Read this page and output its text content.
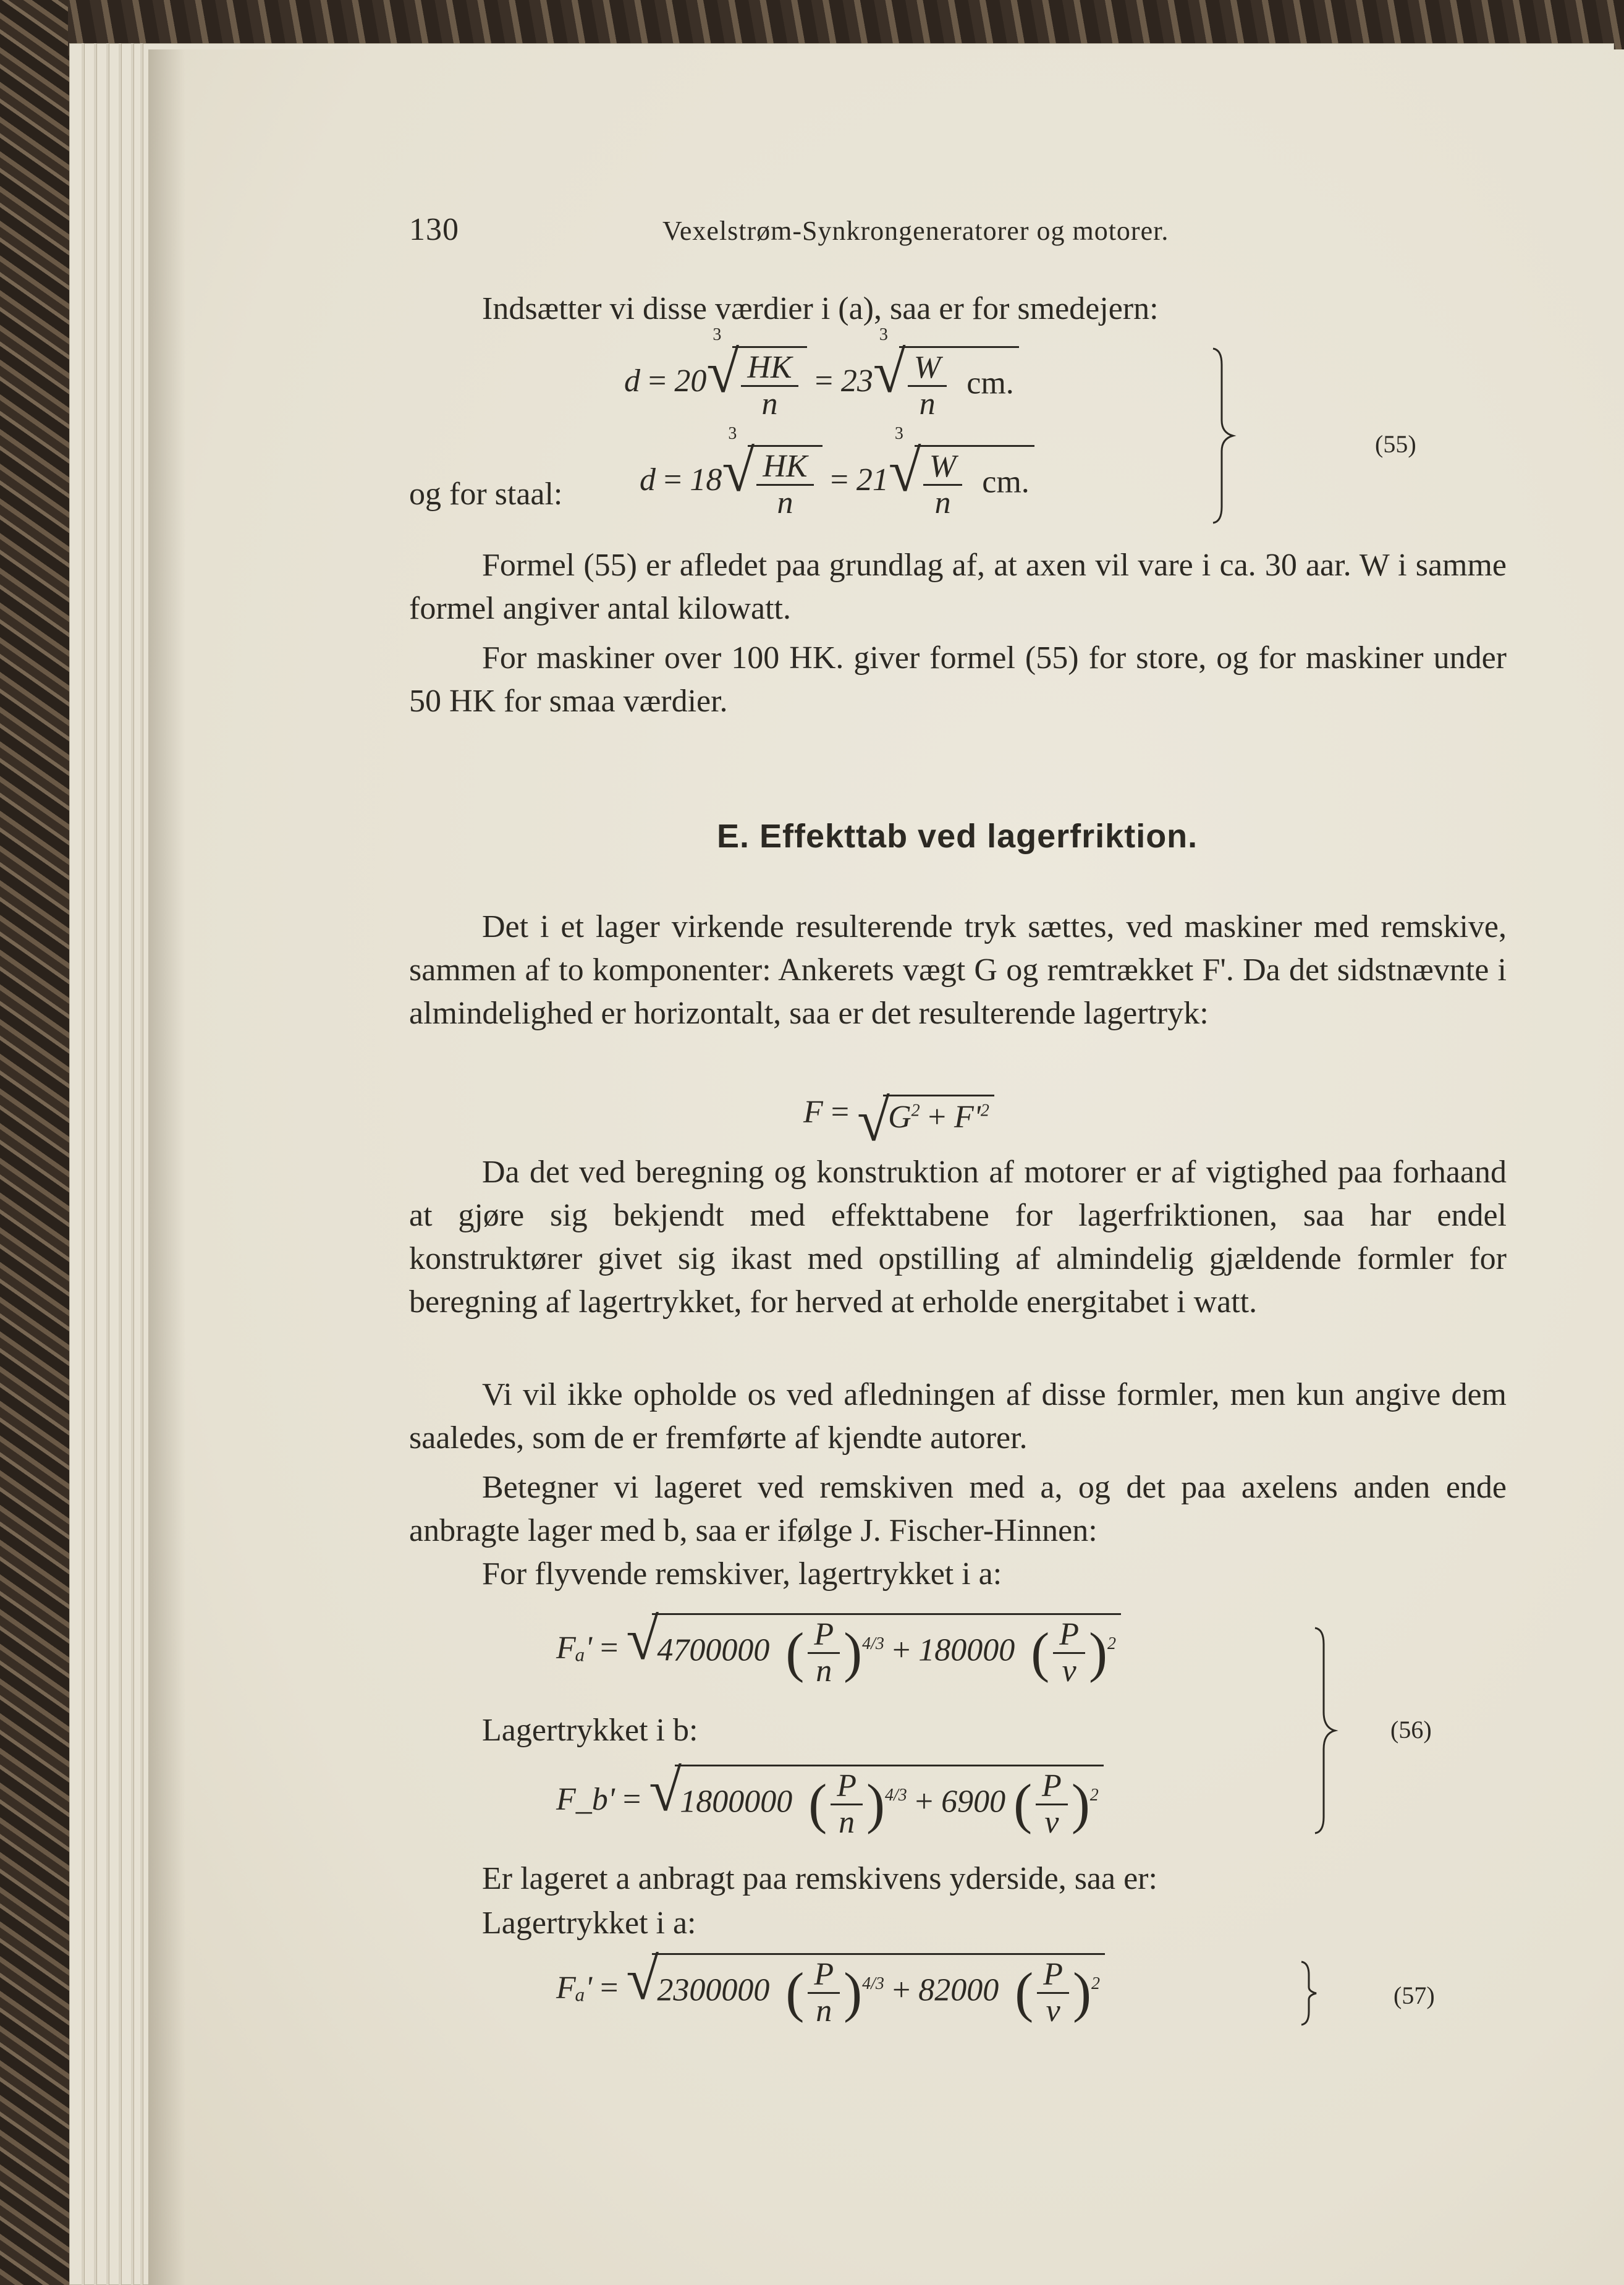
130	Vexelstrøm-Synkrongeneratorer og motorer.
Indsætter vi disse værdier i (a), saa er for smedejern:
d = 20
√ 3
$\frac{HK}{n} = 23$
√ 3
$\frac{W}{n}$ cm.
og for staal: d = 18
√ 3
$\frac{HK}{n} = 21$
√ 3
$\frac{W}{n}$ cm.
(55)
Formel (55) er afledet paa grundlag af, at axen vil vare i ca. 30 aar. W i samme formel angiver antal kilowatt.
For maskiner over 100 HK. giver formel (55) for store, og for maskiner under 50 HK for smaa værdier.
E. Effekttab ved lagerfriktion.
Det i et lager virkende resulterende tryk sættes, ved maskiner med remskive, sammen af to komponenter: Ankerets vægt G og remtrækket F'. Da det sidstnævnte i almindelighed er horizontalt, saa er det resulterende lagertryk:
F = √ $G^2 + F'^2$
Da det ved beregning og konstruktion af motorer er af vigtighed paa forhaand at gjøre sig bekjendt med effekttabene for lagerfriktionen, saa har endel konstruktører givet sig ikast med opstilling af almindelig gjældende formler for beregning af lagertrykket, for herved at erholde energitabet i watt.
Vi vil ikke opholde os ved afledningen af disse formler, men kun angive dem saaledes, som de er fremførte af kjendte autorer.
Betegner vi lageret ved remskiven med a, og det paa axelens anden ende anbragte lager med b, saa er ifølge J. Fischer-Hinnen:
For flyvende remskiver, lagertrykket i a:
Fₐ' = √ 4700000 ( $\frac{P}{n} )^{4/3} + 180000$ ( $\frac{P}{v} )^2$
Lagertrykket i b:
F_b' = √ 1800000 ( $\frac{P}{n} )^{4/3} + 6900$ ( $\frac{P}{v} )^2$
(56)
Er lageret a anbragt paa remskivens yderside, saa er:
Lagertrykket i a:
Fₐ' = √ 2300000 ( $\frac{P}{n} )^{4/3} + 82000$ ( $\frac{P}{v} )^2$	(57)
